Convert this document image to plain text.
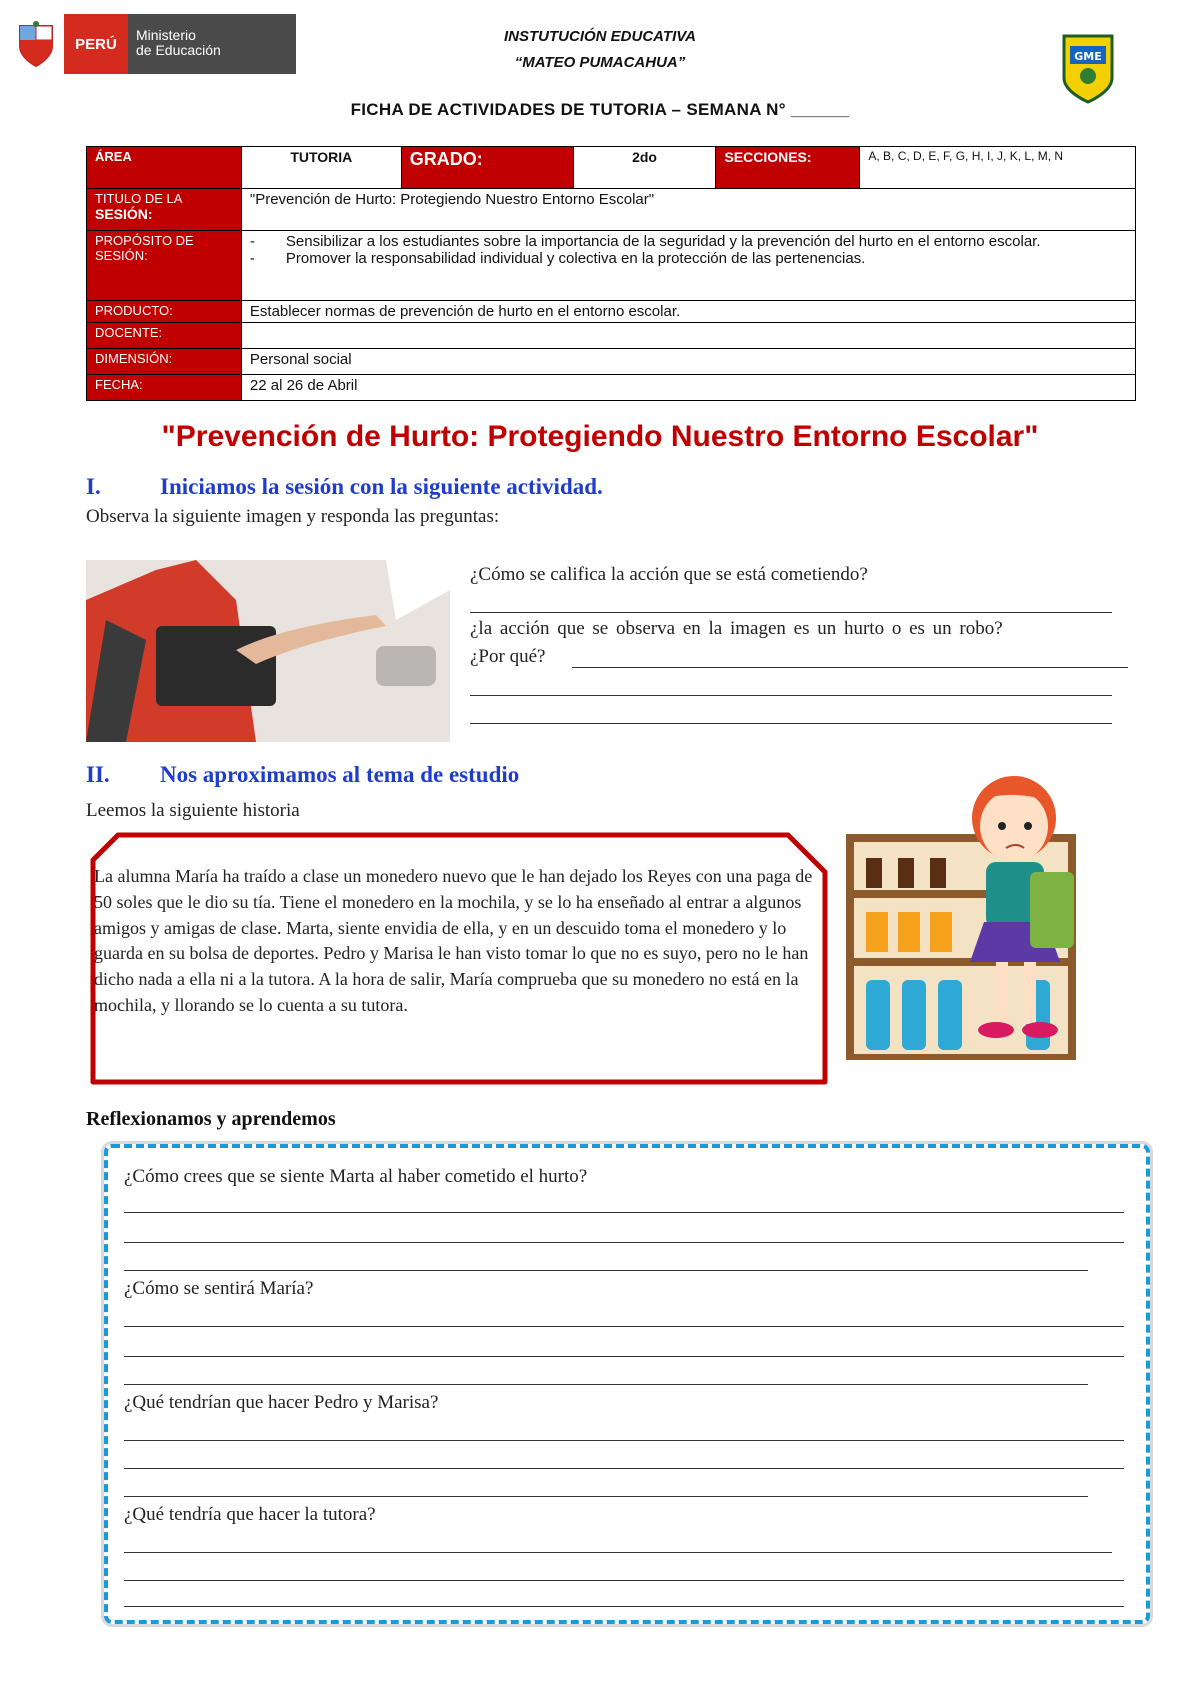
PERÚ
Ministerio
de Educación
INSTUTUCIÓN EDUCATIVA
“MATEO PUMACAHUA”	GME
FICHA DE ACTIVIDADES DE TUTORIA – SEMANA N° ______
ÁREA	TUTORIA	GRADO:	2do	SECCIONES:	A, B, C, D, E, F, G, H, I, J, K, L, M, N

TITULO DE LA
SESIÓN:	"Prevención de Hurto: Protegiendo Nuestro Entorno Escolar"				
PROPÓSITO DE SESIÓN:	- Sensibilizar a los estudiantes sobre la importancia de la seguridad y la prevención del hurto en el entorno escolar.
- Promover la responsabilidad individual y colectiva en la protección de las pertenencias.				

PRODUCTO:	Establecer normas de prevención de hurto en el entorno escolar.				
DOCENTE:					
DIMENSIÓN:	Personal social				
FECHA:	22 al 26 de Abril				
"Prevención de Hurto: Protegiendo Nuestro Entorno Escolar"
I.	Iniciamos la sesión con la siguiente actividad.
Observa la siguiente imagen y responda las preguntas:
¿Cómo se califica la acción que se está cometiendo?
¿la acción que se observa en la imagen es un hurto o es un robo?
¿Por qué?
II. Nos aproximamos al tema de estudio
Leemos la siguiente historia
La alumna María ha traído a clase un monedero nuevo que le han dejado los Reyes con una paga de 50 soles que le dio su tía. Tiene el monedero en la mochila, y se lo ha enseñado al entrar a algunos amigos y amigas de clase. Marta, siente envidia de ella, y en un descuido toma el monedero y lo guarda en su bolsa de deportes. Pedro y Marisa le han visto tomar lo que no es suyo, pero no le han dicho nada a ella ni a la tutora. A la hora de salir, María comprueba que su monedero no está en la mochila, y llorando se lo cuenta a su tutora.
Reflexionamos y aprendemos
¿Cómo crees que se siente Marta al haber cometido el hurto?
¿Cómo se sentirá María?
¿Qué tendrían que hacer Pedro y Marisa?
¿Qué tendría que hacer la tutora?
